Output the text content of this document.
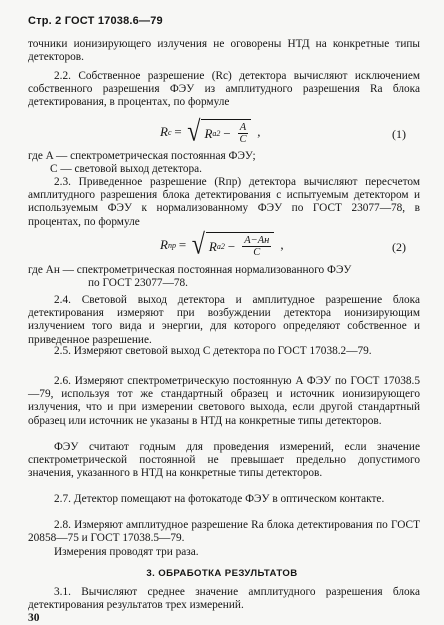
Стр. 2 ГОСТ 17038.6—79

точники ионизирующего излучения не оговорены НТД на конкретные типы детекторов.

2.2. Собственное разрешение (Rс) детектора вычисляют исключением собственного разрешения ФЭУ из амплитудного разрешения Rа блока детектирования, в процентах, по формуле

R с = √ R а $2 - \frac{A}{C}$ ,	(1)

где A — спектрометрическая постоянная ФЭУ;

C — световой выход детектора.

2.3. Приведенное разрешение (Rпр) детектора вычисляют пересчетом амплитудного разрешения блока детектирования с испытуемым детектором и используемым ФЭУ к нормализованному ФЭУ по ГОСТ 23077—78, в процентах, по формуле

R пр = √ R а $2 - \frac{A-Aн}{C}$ ,	(2)

где Aн — спектрометрическая постоянная нормализованного ФЭУ

по ГОСТ 23077—78.

2.4. Световой выход детектора и амплитудное разрешение блока детектирования измеряют при возбуждении детектора ионизирующим излучением того вида и энергии, для которого определяют собственное и приведенное разрешение.

2.5. Измеряют световой выход C детектора по ГОСТ 17038.2—79.

2.6. Измеряют спектрометрическую постоянную A ФЭУ по ГОСТ 17038.5—79, используя тот же стандартный образец и источник ионизирующего излучения, что и при измерении светового выхода, если другой стандартный образец или источник не указаны в НТД на конкретные типы детекторов.

ФЭУ считают годным для проведения измерений, если значение спектрометрической постоянной не превышает предельно допустимого значения, указанного в НТД на конкретные типы детекторов.

2.7. Детектор помещают на фотокатоде ФЭУ в оптическом контакте.

2.8. Измеряют амплитудное разрешение Rа блока детектирования по ГОСТ 20858—75 и ГОСТ 17038.5—79.

Измерения проводят три раза.

3. ОБРАБОТКА РЕЗУЛЬТАТОВ

3.1. Вычисляют среднее значение амплитудного разрешения блока детектирования результатов трех измерений.

30
